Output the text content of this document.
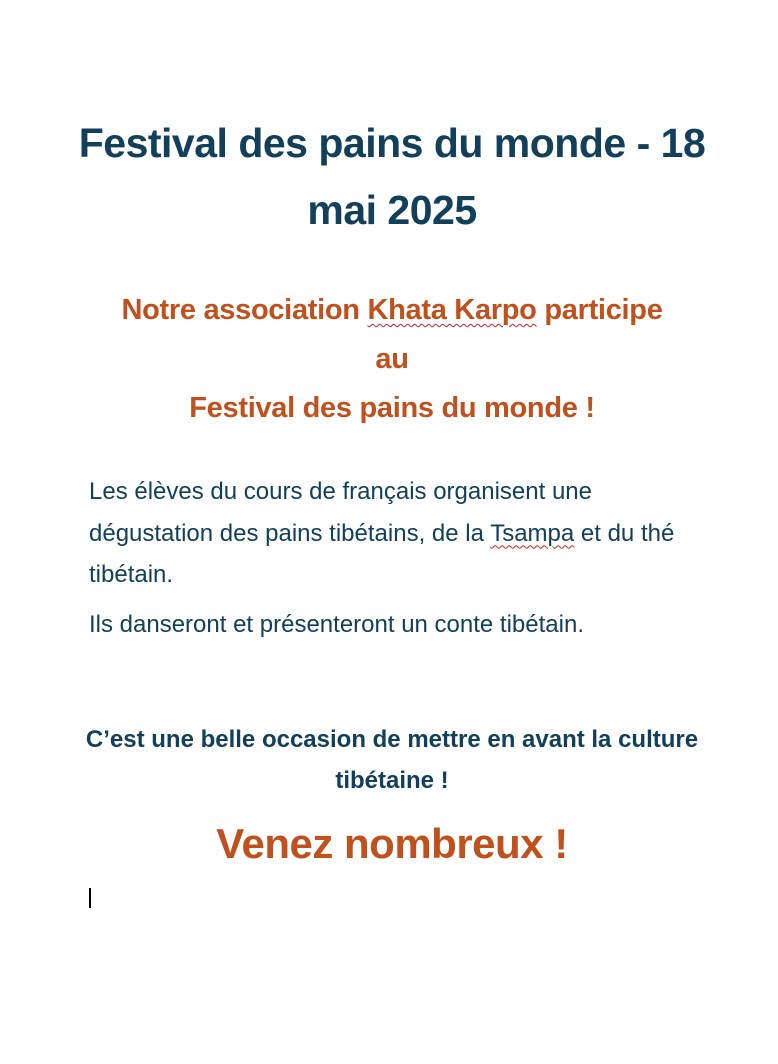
Festival des pains du monde - 18 mai 2025
Notre association Khata Karpo participe
au
Festival des pains du monde !

Les élèves du cours de français organisent une dégustation des pains tibétains, de la Tsampa et du thé tibétain.

Ils danseront et présenteront un conte tibétain.

C’est une belle occasion de mettre en avant la culture tibétaine !

Venez nombreux !
